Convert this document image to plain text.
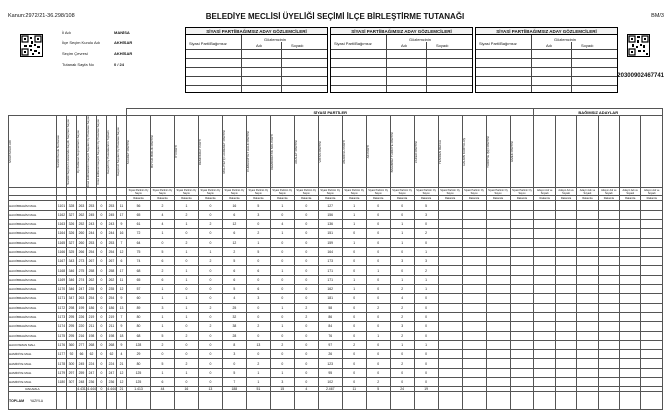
Kanun:2972/21-36.298/108	BELEDİYE MECLİSİ ÜYELİĞİ SEÇİMİ İLÇE BİRLEŞTİRME TUTANAĞI	BM/3
İl Adı	MANİSA
İlçe Seçim Kurulu Adı	AKHİSAR
Seçim Çevresi	AKHİSAR
Tutanak Sayfa No	0 / 24
SİYASİ PARTİ/BAĞIMSIZ ADAY GÖZLEMCİLERİ
Siyasi Parti/Bağımsız
Gözlemcinin
Adı	Soyadı
SİYASİ PARTİ/BAĞIMSIZ ADAY GÖZLEMCİLERİ
Siyasi Parti/Bağımsız
Gözlemcinin
Adı	Soyadı
SİYASİ PARTİ/BAĞIMSIZ ADAY GÖZLEMCİLERİ
Siyasi Parti/Bağımsız
Gözlemcinin
Adı	Soyadı
20300902467741
								SİYASİ PARTİLER																	BAĞIMSIZ ADAYLAR					

MUHTARLIK ADI	Sandık Kurulu Numarası	Sandık Seçmen Listesinde Kayıtlı Seçmen Sayısı	Oy Kullanan Seçmenlerin Sayısı	İtiraz Edilmeksizin Geçerli Sayılan Oy Pusulası Sayısı	İtiraz Edilerek Geçerli Sayılan Oy Pusulası Sayısı	Geçerli Oy Pusulalarının Toplamı	Geçersiz Sayılan Oy Pusulası Sayısı	SAADET PARTİSİ	BÜYÜK BİRLİK PARTİSİ	İYİ PARTİ	DEMOKRAT PARTİ	MİLLİYETÇİ HAREKET PARTİSİ	CUMHURİYET HALK PARTİSİ	DEMOKRATİK SOL PARTİ	ADALET PARTİSİ	VATAN PARTİSİ	ANADOLU PARTİ	AK PARTİ	BAĞIMSIZ TÜRKİYE PARTİSİ	ZAFER PARTİSİ	YENİDEN REFAH	HALKIN KURTULUŞ	TÜRKİYE İŞÇİ PARTİSİ	EMEK PARTİSİ						

								Siyasi Partinin Oy Sayısı	Siyasi Partinin Oy Sayısı	Siyasi Partinin Oy Sayısı	Siyasi Partinin Oy Sayısı	Siyasi Partinin Oy Sayısı	Siyasi Partinin Oy Sayısı	Siyasi Partinin Oy Sayısı	Siyasi Partinin Oy Sayısı	Siyasi Partinin Oy Sayısı	Siyasi Partinin Oy Sayısı	Siyasi Partinin Oy Sayısı	Siyasi Partinin Oy Sayısı	Siyasi Partinin Oy Sayısı	Siyasi Partinin Oy Sayısı	Siyasi Partinin Oy Sayısı	Siyasi Partinin Oy Sayısı	Siyasi Partinin Oy Sayısı	Adayın Adı ve Soyadı	Adayın Adı ve Soyadı	Adayın Adı ve Soyadı	Adayın Adı ve Soyadı	Adayın Adı ve Soyadı	Adayın Adı ve Soyadı
								Rakamla	Rakamla	Rakamla	Rakamla	Rakamla	Rakamla	Rakamla	Rakamla	Rakamla	Rakamla	Rakamla	Rakamla	Rakamla	Rakamla	Rakamla	Rakamla	Rakamla	Rakamla	Rakamla	Rakamla	Rakamla	Rakamla	Rakamla
HACIİBRAHİM MAH.	1101	328	263	253	0	253	11	56	2	1	0	16	5	1	0	127	1	0	0	5										
HACIİBRAHİM MAH.	1162	327	262	245	0	245	17	65	4	2	0	6	3	0	0	156	1	0	0	3										
HACIİBRAHİM MAH.	1163	326	252	243	0	243	9	61	4	1	2	12	0	4	0	136	1	0	1	0										
HACIİBRAHİM MAH.	1164	326	260	244	0	244	16	72	1	0	0	6	2	1	0	151	0	0	1	2										
HACIİBRAHİM MAH.	1165	327	260	253	0	253	7	64	0	2	0	12	1	0	0	159	1	0	1	0										
HACIİBRAHİM MAH.	1166	325	266	254	0	254	12	75	5	1	1	2	5	0	0	164	0	0	0	1										
HACIİBRAHİM MAH.	1167	343	273	267	0	267	6	74	6	0	2	5	0	0	0	173	0	0	3	3										
HACIİBRAHİM MAH.	1168	346	275	258	0	258	17	68	2	1	0	6	6	1	0	171	0	1	0	2										
HACIİBRAHİM MAH.	1169	346	274	262	0	262	11	65	6	1	0	6	0	0	0	171	1	0	1	1										
HACIİBRAHİM MAH.	1170	346	247	235	0	235	12	57	1	0	0	5	6	0	0	162	1	0	2	1										
HACIİBRAHİM MAH.	1171	347	263	254	0	254	9	60	1	1	0	4	3	0	0	181	0	0	4	0										
HACIİBRAHİM MAH.	1172	298	199	186	0	186	13	89	3	1	2	25	0	1	2	58	0	2	2	0										
HACIİBRAHİM MAH.	1173	295	226	219	0	219	7	80	1	1	0	32	0	0	2	86	0	0	2	0										
HACIİBRAHİM MAH.	1174	295	220	211	0	211	9	80	1	0	2	38	2	1	0	84	0	0	3	0										
HACIİBRAHİM MAH.	1175	295	216	198	0	198	18	68	5	2	0	28	0	0	0	76	0	1	2	0										
HACIOSMAN MAH.	1176	360	277	268	0	268	9	128	2	0	0	8	13	2	0	97	2	0	1	1										
HAMİDİYE MAH.	1177	92	66	62	0	62	4	29	0	0	0	3	0	0	0	26	0	0	0	0										
HAMİDİYE MAH.	1178	300	245	224	0	224	21	80	5	2	0	0	2	0	0	123	0	0	2	0										
HAMİDİYE MAH.	1179	297	259	247	0	247	12	125	1	1	0	5	1	1	0	95	0	0	0	0										
HAMİDİYE MAH.	1180	307	248	236	0	236	12	125	6	0	0	7	1	3	0	102	0	2	0	0										
RAKAMLA			4.431	4.444	0	4.444	21	1.413	44	16	13	188	51	15	4	2.467	11	5	24	19										
TOPLAM YAZIYLA																														
